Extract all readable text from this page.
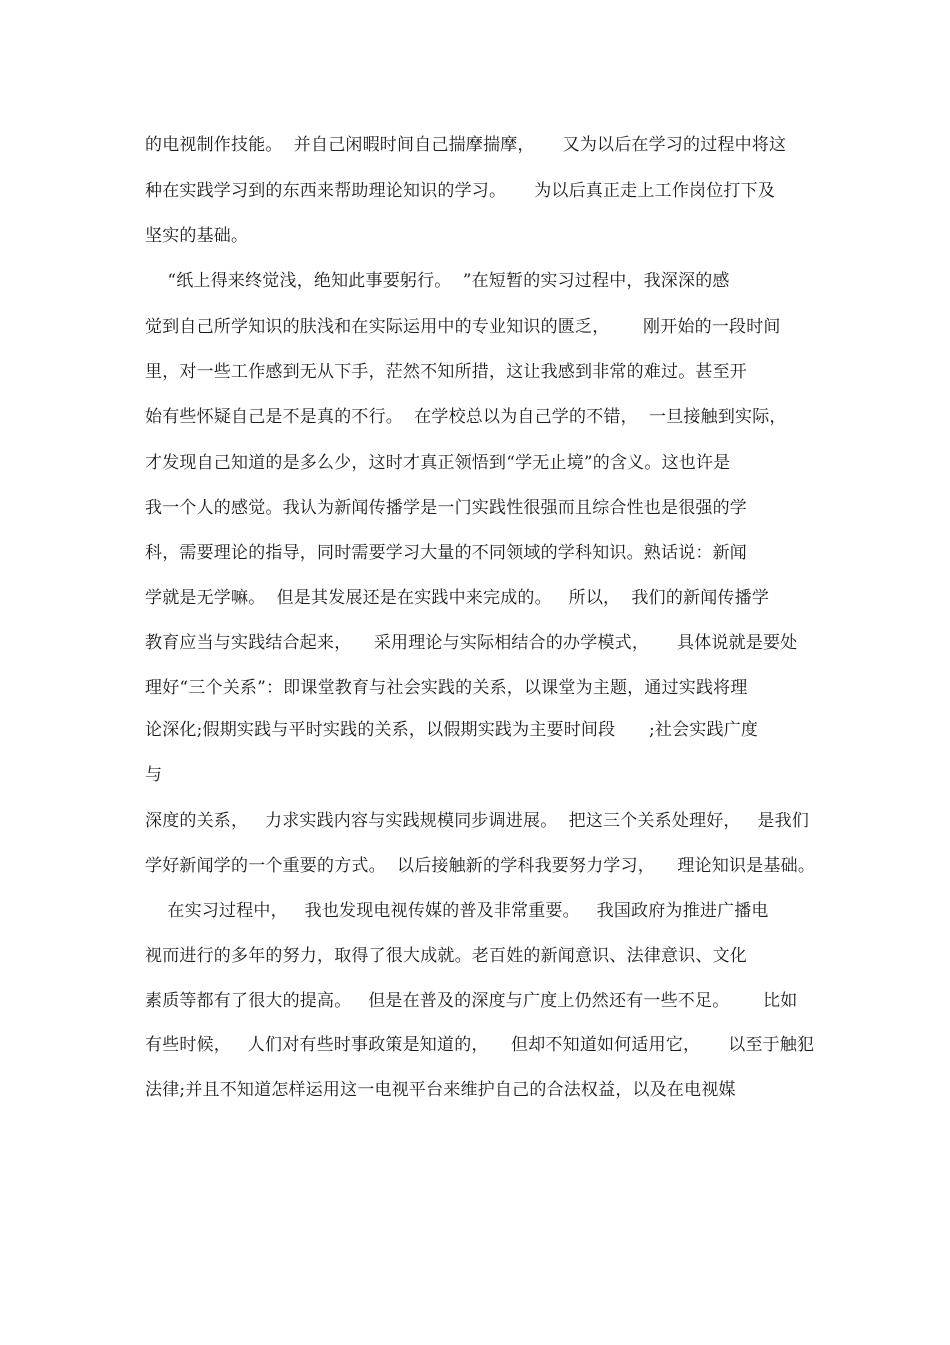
的电视制作技能。  并自己闲暇时间自己揣摩揣摩，     又为以后在学习的过程中将这
种在实践学习到的东西来帮助理论知识的学习。     为以后真正走上工作岗位打下及
坚实的基础。
“纸上得来终觉浅，绝知此事要躬行。  ”在短暂的实习过程中，我深深的感
觉到自己所学知识的肤浅和在实际运用中的专业知识的匮乏，      刚开始的一段时间
里，对一些工作感到无从下手，茫然不知所措，这让我感到非常的难过。甚至开
始有些怀疑自己是不是真的不行。  在学校总以为自己学的不错，  一旦接触到实际，
才发现自己知道的是多么少，这时才真正领悟到“学无止境”的含义。这也许是
我一个人的感觉。我认为新闻传播学是一门实践性很强而且综合性也是很强的学
科，需要理论的指导，同时需要学习大量的不同领域的学科知识。熟话说：新闻
学就是无学嘛。  但是其发展还是在实践中来完成的。   所以，  我们的新闻传播学
教育应当与实践结合起来，    采用理论与实际相结合的办学模式，     具体说就是要处
理好“三个关系”：即课堂教育与社会实践的关系，以课堂为主题，通过实践将理
论深化;假期实践与平时实践的关系，以假期实践为主要时间段      ;社会实践广度
与
深度的关系，   力求实践内容与实践规模同步调进展。  把这三个关系处理好，   是我们
学好新闻学的一个重要的方式。  以后接触新的学科我要努力学习，    理论知识是基础。
在实习过程中，   我也发现电视传媒的普及非常重要。   我国政府为推进广播电
视而进行的多年的努力，取得了很大成就。老百姓的新闻意识、法律意识、文化
素质等都有了很大的提高。   但是在普及的深度与广度上仍然还有一些不足。      比如
有些时候，   人们对有些时事政策是知道的，    但却不知道如何适用它，     以至于触犯
法律;并且不知道怎样运用这一电视平台来维护自己的合法权益，以及在电视媒
